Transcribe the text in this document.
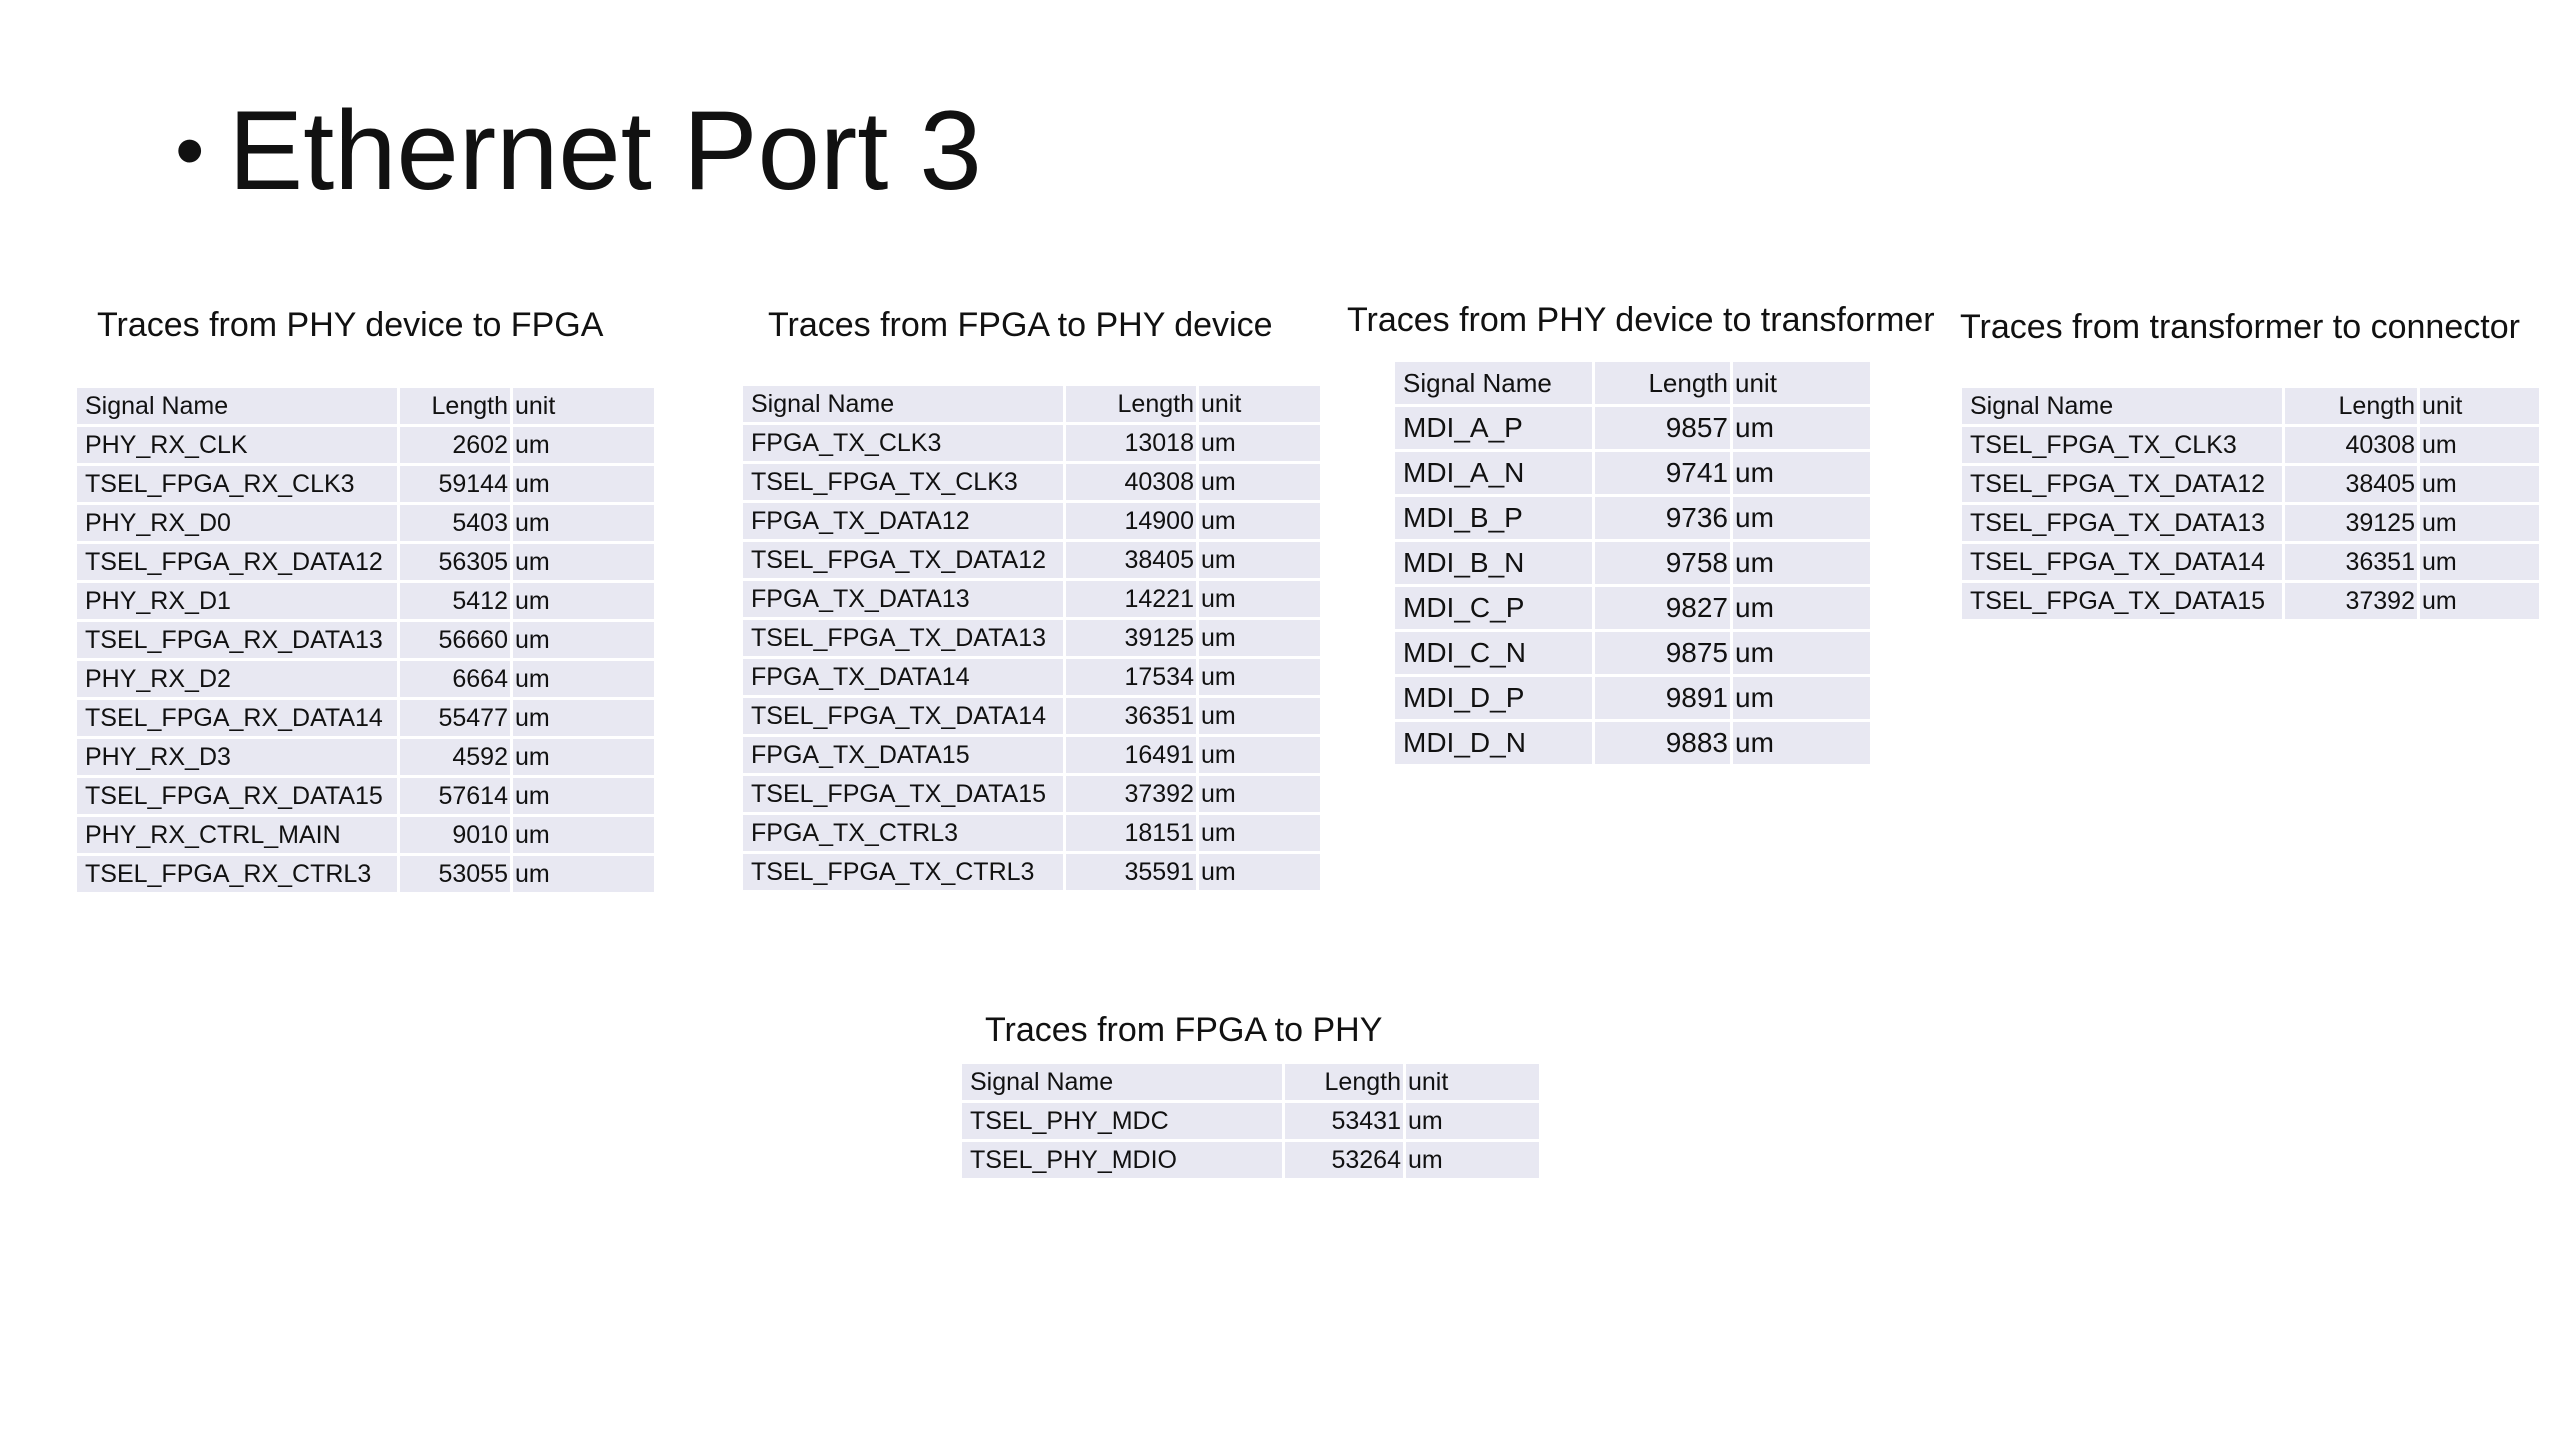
• Ethernet Port 3
Traces from PHY device to FPGA
Signal Name	Length	unit
PHY_RX_CLK	2602	um
TSEL_FPGA_RX_CLK3	59144	um
PHY_RX_D0	5403	um
TSEL_FPGA_RX_DATA12	56305	um
PHY_RX_D1	5412	um
TSEL_FPGA_RX_DATA13	56660	um
PHY_RX_D2	6664	um
TSEL_FPGA_RX_DATA14	55477	um
PHY_RX_D3	4592	um
TSEL_FPGA_RX_DATA15	57614	um
PHY_RX_CTRL_MAIN	9010	um
TSEL_FPGA_RX_CTRL3	53055	um
Traces from FPGA to PHY device
Signal Name	Length	unit
FPGA_TX_CLK3	13018	um
TSEL_FPGA_TX_CLK3	40308	um
FPGA_TX_DATA12	14900	um
TSEL_FPGA_TX_DATA12	38405	um
FPGA_TX_DATA13	14221	um
TSEL_FPGA_TX_DATA13	39125	um
FPGA_TX_DATA14	17534	um
TSEL_FPGA_TX_DATA14	36351	um
FPGA_TX_DATA15	16491	um
TSEL_FPGA_TX_DATA15	37392	um
FPGA_TX_CTRL3	18151	um
TSEL_FPGA_TX_CTRL3	35591	um
Traces from PHY device to transformer
Signal Name	Length	unit
MDI_A_P	9857	um
MDI_A_N	9741	um
MDI_B_P	9736	um
MDI_B_N	9758	um
MDI_C_P	9827	um
MDI_C_N	9875	um
MDI_D_P	9891	um
MDI_D_N	9883	um
Traces from transformer to connector
Signal Name	Length	unit
TSEL_FPGA_TX_CLK3	40308	um
TSEL_FPGA_TX_DATA12	38405	um
TSEL_FPGA_TX_DATA13	39125	um
TSEL_FPGA_TX_DATA14	36351	um
TSEL_FPGA_TX_DATA15	37392	um
Traces from FPGA to PHY
Signal Name	Length	unit
TSEL_PHY_MDC	53431	um
TSEL_PHY_MDIO	53264	um
